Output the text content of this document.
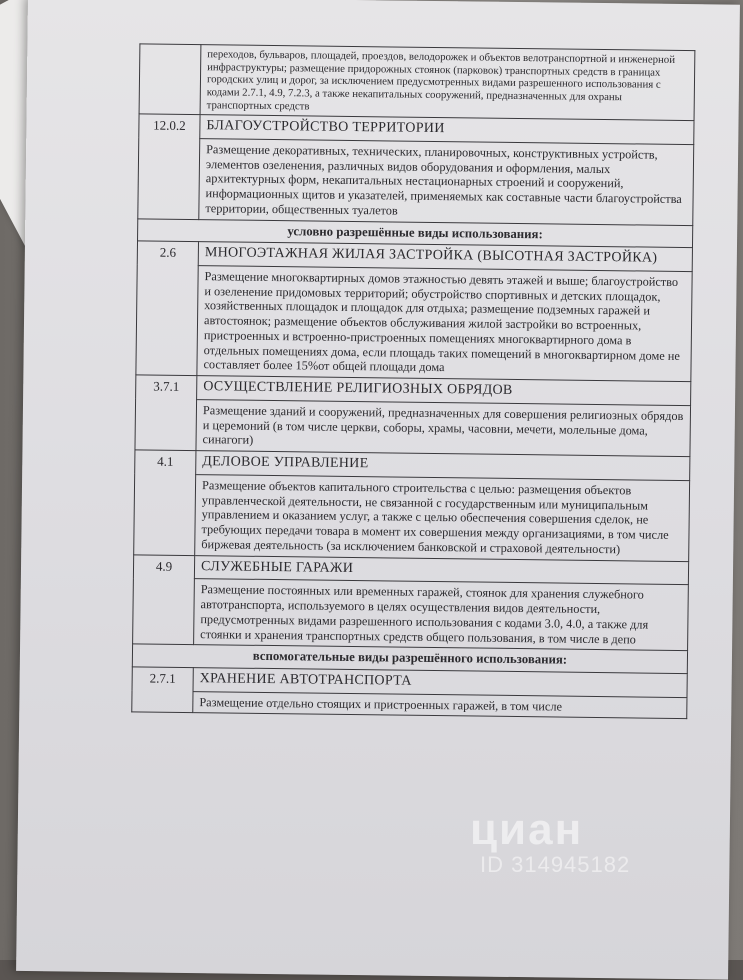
	переходов, бульваров, площадей, проездов, велодорожек и объектов велотранспортной и инженерной инфраструктуры; размещение придорожных стоянок (парковок) транспортных средств в границах городских улиц и дорог, за исключением предусмотренных видами разрешенного использования с кодами 2.7.1, 4.9, 7.2.3, а также некапитальных сооружений, предназначенных для охраны транспортных средств
12.0.2	БЛАГОУСТРОЙСТВО ТЕРРИТОРИИ
	Размещение декоративных, технических, планировочных, конструктивных устройств, элементов озеленения, различных видов оборудования и оформления, малых архитектурных форм, некапитальных нестационарных строений и сооружений, информационных щитов и указателей, применяемых как составные части благоустройства территории, общественных туалетов
условно разрешённые виды использования:	
2.6	МНОГОЭТАЖНАЯ ЖИЛАЯ ЗАСТРОЙКА (ВЫСОТНАЯ ЗАСТРОЙКА)
	Размещение многоквартирных домов этажностью девять этажей и выше; благоустройство и озеленение придомовых территорий; обустройство спортивных и детских площадок, хозяйственных площадок и площадок для отдыха; размещение подземных гаражей и автостоянок; размещение объектов обслуживания жилой застройки во встроенных, пристроенных и встроенно-пристроенных помещениях многоквартирного дома в отдельных помещениях дома, если площадь таких помещений в многоквартирном доме не составляет более 15%от общей площади дома
3.7.1	ОСУЩЕСТВЛЕНИЕ РЕЛИГИОЗНЫХ ОБРЯДОВ
	Размещение зданий и сооружений, предназначенных для совершения религиозных обрядов и церемоний (в том числе церкви, соборы, храмы, часовни, мечети, молельные дома, синагоги)
4.1	ДЕЛОВОЕ УПРАВЛЕНИЕ
	Размещение объектов капитального строительства с целью: размещения объектов управленческой деятельности, не связанной с государственным или муниципальным управлением и оказанием услуг, а также с целью обеспечения совершения сделок, не требующих передачи товара в момент их совершения между организациями, в том числе биржевая деятельность (за исключением банковской и страховой деятельности)
4.9	СЛУЖЕБНЫЕ ГАРАЖИ
	Размещение постоянных или временных гаражей, стоянок для хранения служебного автотранспорта, используемого в целях осуществления видов деятельности, предусмотренных видами разрешенного использования с кодами 3.0, 4.0, а также для стоянки и хранения транспортных средств общего пользования, в том числе в депо
вспомогательные виды разрешённого использования:	
2.7.1	ХРАНЕНИЕ АВТОТРАНСПОРТА
	Размещение отдельно стоящих и пристроенных гаражей, в том числе
циан
ID 314945182
